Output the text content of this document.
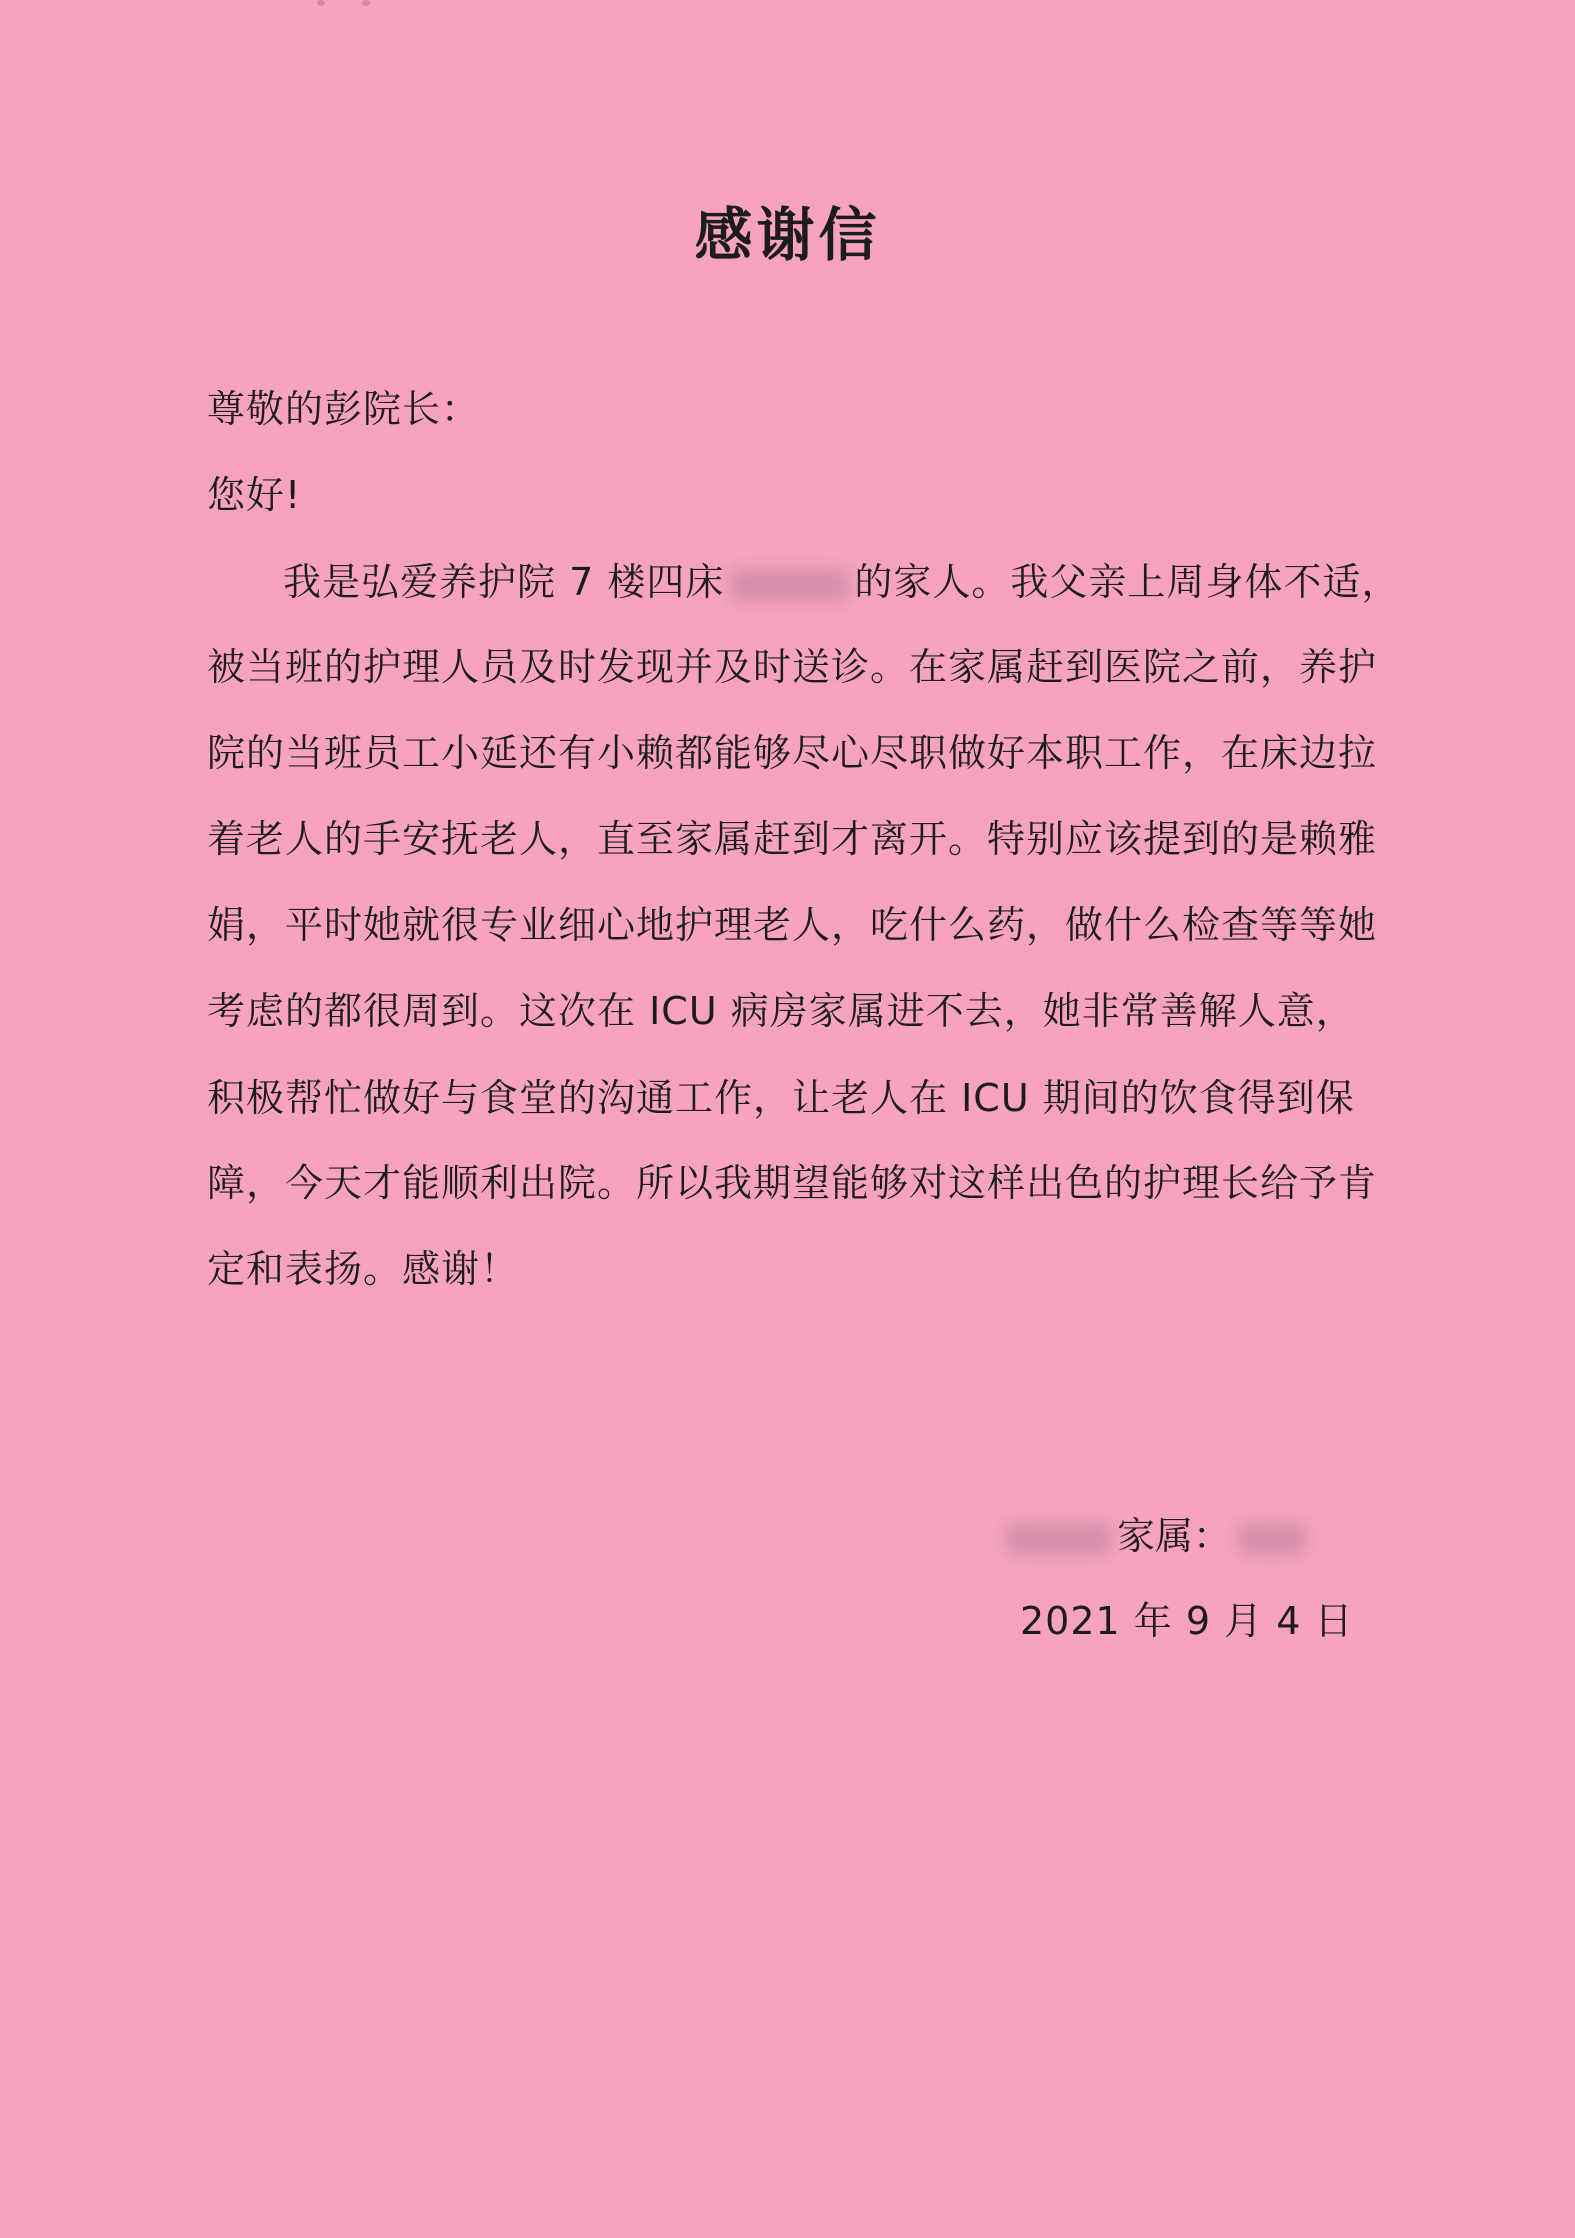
感谢信
尊敬的彭院长：
您好!
我是弘爱养护院 7 楼四床	的家人。我父亲上周身体不适，
被当班的护理人员及时发现并及时送诊。在家属赶到医院之前，养护
院的当班员工小延还有小赖都能够尽心尽职做好本职工作，在床边拉
着老人的手安抚老人，直至家属赶到才离开。特别应该提到的是赖雅
娟，平时她就很专业细心地护理老人，吃什么药，做什么检查等等她
考虑的都很周到。这次在 ICU 病房家属进不去，她非常善解人意，
积极帮忙做好与食堂的沟通工作，让老人在 ICU 期间的饮食得到保
障，今天才能顺利出院。所以我期望能够对这样出色的护理长给予肯
定和表扬。感谢！
家属：
2021 年 9 月 4 日
